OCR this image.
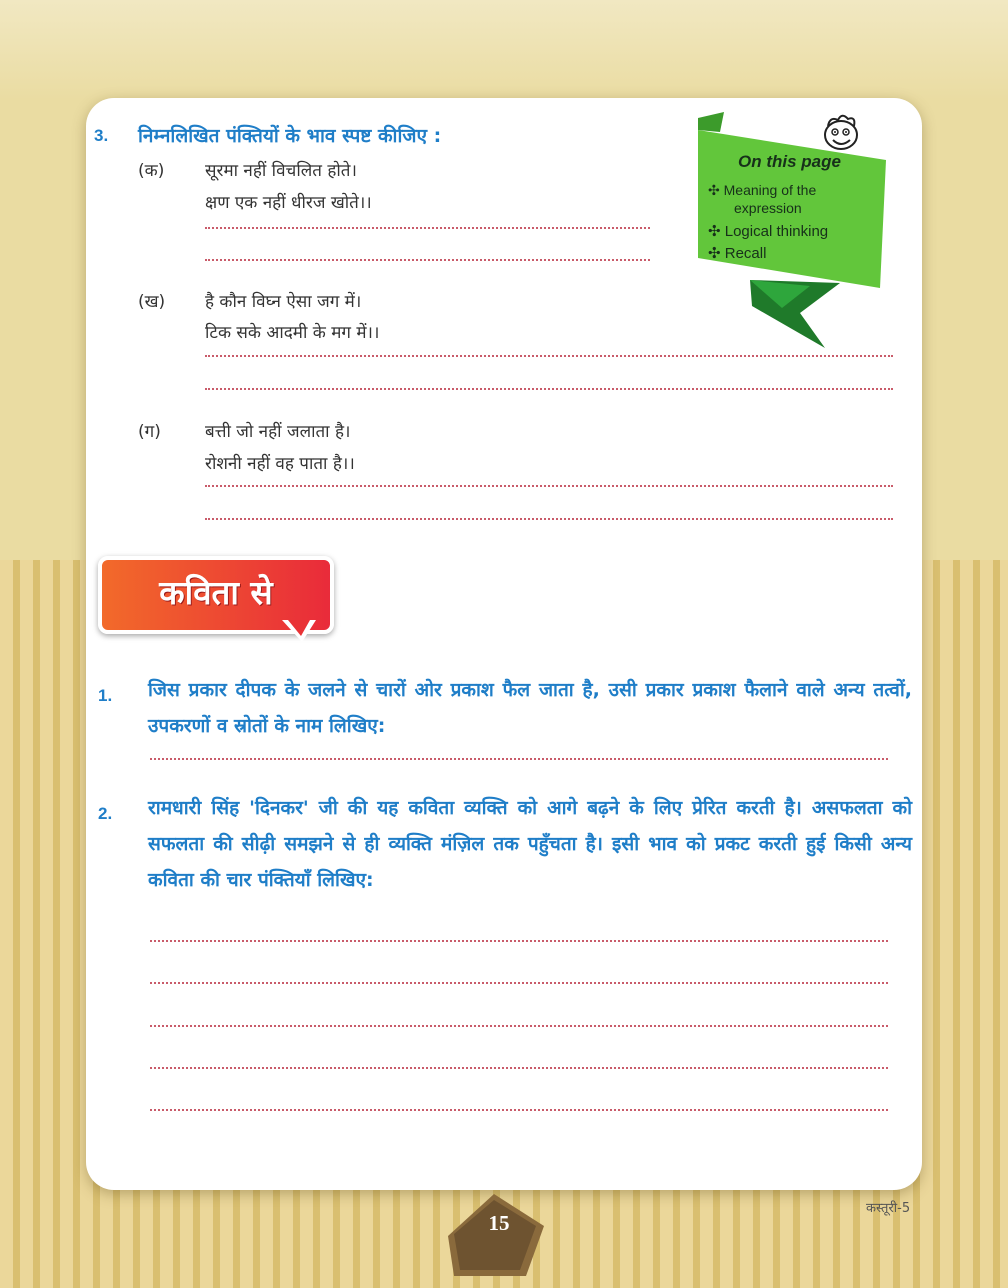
3. निम्नलिखित पंक्तियों के भाव स्पष्ट कीजिए :
(क) सूरमा नहीं विचलित होते।
क्षण एक नहीं धीरज खोते।।
(ख) है कौन विघ्न ऐसा जग में।
टिक सके आदमी के मग में।।
(ग)	बत्ती जो नहीं जलाता है।
रोशनी नहीं वह पाता है।।
On this page
✣ Meaning of the
expression
✣ Logical thinking
✣ Recall
कविता से
1. जिस प्रकार दीपक के जलने से चारों ओर प्रकाश फैल जाता है, उसी प्रकार प्रकाश फैलाने वाले अन्य तत्वों, उपकरणों व स्रोतों के नाम लिखिए:
2. रामधारी सिंह 'दिनकर' जी की यह कविता व्यक्ति को आगे बढ़ने के लिए प्रेरित करती है। असफलता को सफलता की सीढ़ी समझने से ही व्यक्ति मंज़िल तक पहुँचता है। इसी भाव को प्रकट करती हुई किसी अन्य कविता की चार पंक्तियाँ लिखिए:
15
कस्तूरी-5
